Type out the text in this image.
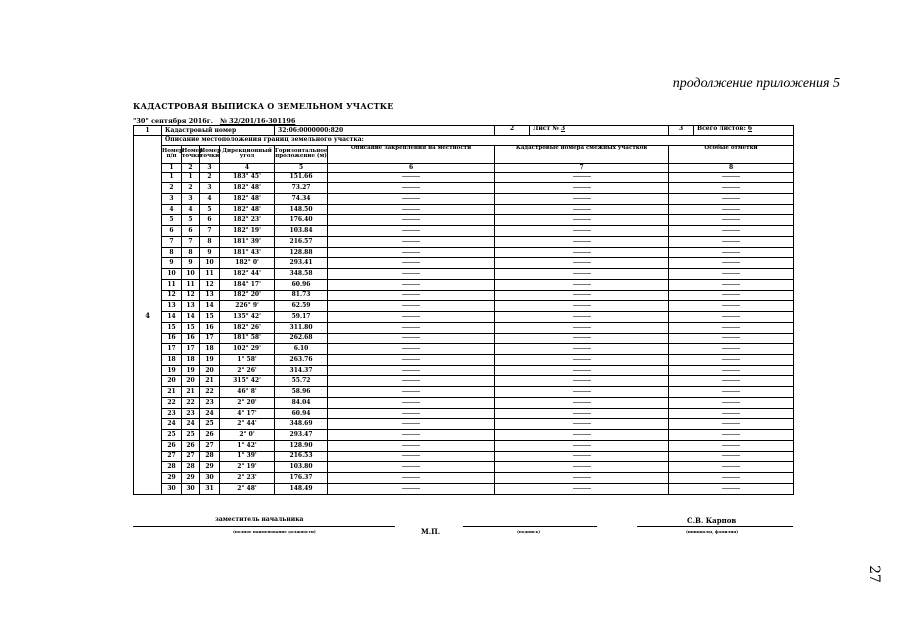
продолжение приложения 5
КАДАСТРОВАЯ ВЫПИСКА О ЗЕМЕЛЬНОМ УЧАСТКЕ
"30" сентября 2016г. № 32/201/16-301196
1	Кадастровый номер				32:06:0000000:820		2 Лист № 3	3 Всего листов: 6

4	Описание местоположения границ земельного участка:							
	Номер п/п	Номер точки	Номер точки	Дирекционный угол	Горизонтальное проложение (м)	Описание закрепления на местности	Кадастровые номера смежных участков	Особые отметки
	1	2	3	4	5	6	7	8
	1	1	2	183° 45'	151.66			
	2	2	3	182° 48'	73.27			
	3	3	4	182° 48'	74.34			
	4	4	5	182° 48'	148.50			
	5	5	6	182° 23'	176.40			
	6	6	7	182° 19'	103.84			
	7	7	8	181° 39'	216.57			
	8	8	9	181° 43'	128.88			
	9	9	10	182° 0'	293.41			
	10	10	11	182° 44'	348.58			
	11	11	12	184° 17'	60.96			
	12	12	13	182° 20'	81.73			
	13	13	14	226° 9'	62.59			
	14	14	15	135° 42'	59.17			
	15	15	16	182° 26'	311.80			
	16	16	17	181° 58'	262.68			
	17	17	18	102° 29'	6.10			
	18	18	19	1° 58'	263.76			
	19	19	20	2° 26'	314.37			
	20	20	21	315° 42'	55.72			
	21	21	22	46° 8'	58.96			
	22	22	23	2° 20'	84.04			
	23	23	24	4° 17'	60.94			
	24	24	25	2° 44'	348.69			
	25	25	26	2° 0'	293.47			
	26	26	27	1° 42'	128.90			
	27	27	28	1° 39'	216.53			
	28	28	29	2° 19'	103.80			
	29	29	30	2° 23'	176.37			
	30	30	31	2° 48'	148.49			
заместитель начальника
(полное наименование должности)	М.П.	(подпись)
С.В. Карпов
(инициалы, фамилия)
27
